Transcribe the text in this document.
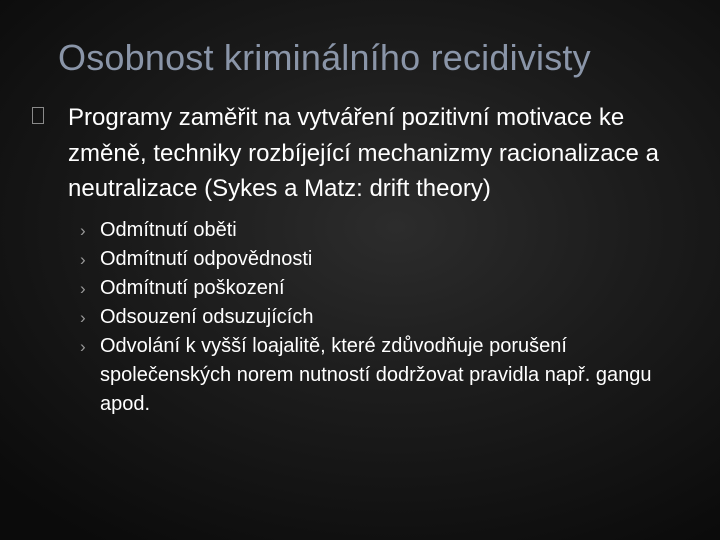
Osobnost kriminálního recidivisty
Programy zaměřit na vytváření pozitivní motivace ke změně, techniky rozbíjející mechanizmy racionalizace a neutralizace (Sykes a Matz: drift theory)
› Odmítnutí oběti
› Odmítnutí odpovědnosti
› Odmítnutí poškození
› Odsouzení odsuzujících
› Odvolání k vyšší loajalitě, které zdůvodňuje porušení společenských norem nutností dodržovat pravidla např. gangu apod.
